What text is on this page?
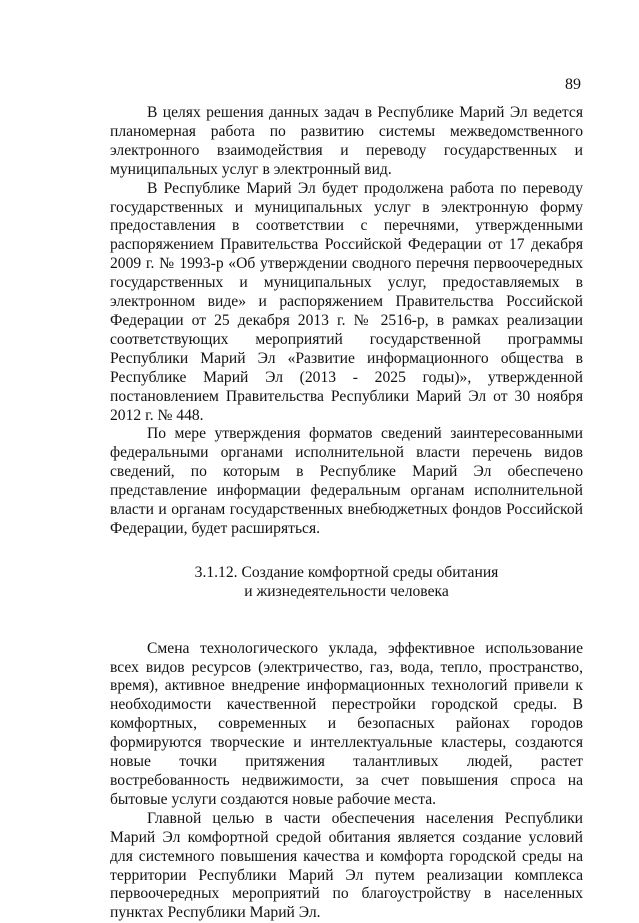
89

В целях решения данных задач в Республике Марий Эл ведется планомерная работа по развитию системы межведомственного электронного взаимодействия и переводу государственных и муниципальных услуг в электронный вид.

В Республике Марий Эл будет продолжена работа по переводу государственных и муниципальных услуг в электронную форму предоставления в соответствии с перечнями, утвержденными распоряжением Правительства Российской Федерации от 17 декабря 2009 г. № 1993-р «Об утверждении сводного перечня первоочередных государственных и муниципальных услуг, предоставляемых в электронном виде» и распоряжением Правительства Российской Федерации от 25 декабря 2013 г. № 2516-р, в рамках реализации соответствующих мероприятий государственной программы Республики Марий Эл «Развитие информационного общества в Республике Марий Эл (2013 - 2025 годы)», утвержденной постановлением Правительства Республики Марий Эл от 30 ноября 2012 г. № 448.

По мере утверждения форматов сведений заинтересованными федеральными органами исполнительной власти перечень видов сведений, по которым в Республике Марий Эл обеспечено представление информации федеральным органам исполнительной власти и органам государственных внебюджетных фондов Российской Федерации, будет расширяться.

3.1.12. Создание комфортной среды обитания
и жизнедеятельности человека

Смена технологического уклада, эффективное использование всех видов ресурсов (электричество, газ, вода, тепло, пространство, время), активное внедрение информационных технологий привели к необходимости качественной перестройки городской среды. В комфортных, современных и безопасных районах городов формируются творческие и интеллектуальные кластеры, создаются новые точки притяжения талантливых людей, растет востребованность недвижимости, за счет повышения спроса на бытовые услуги создаются новые рабочие места.

Главной целью в части обеспечения населения Республики Марий Эл комфортной средой обитания является создание условий для системного повышения качества и комфорта городской среды на территории Республики Марий Эл путем реализации комплекса первоочередных мероприятий по благоустройству в населенных пунктах Республики Марий Эл.
